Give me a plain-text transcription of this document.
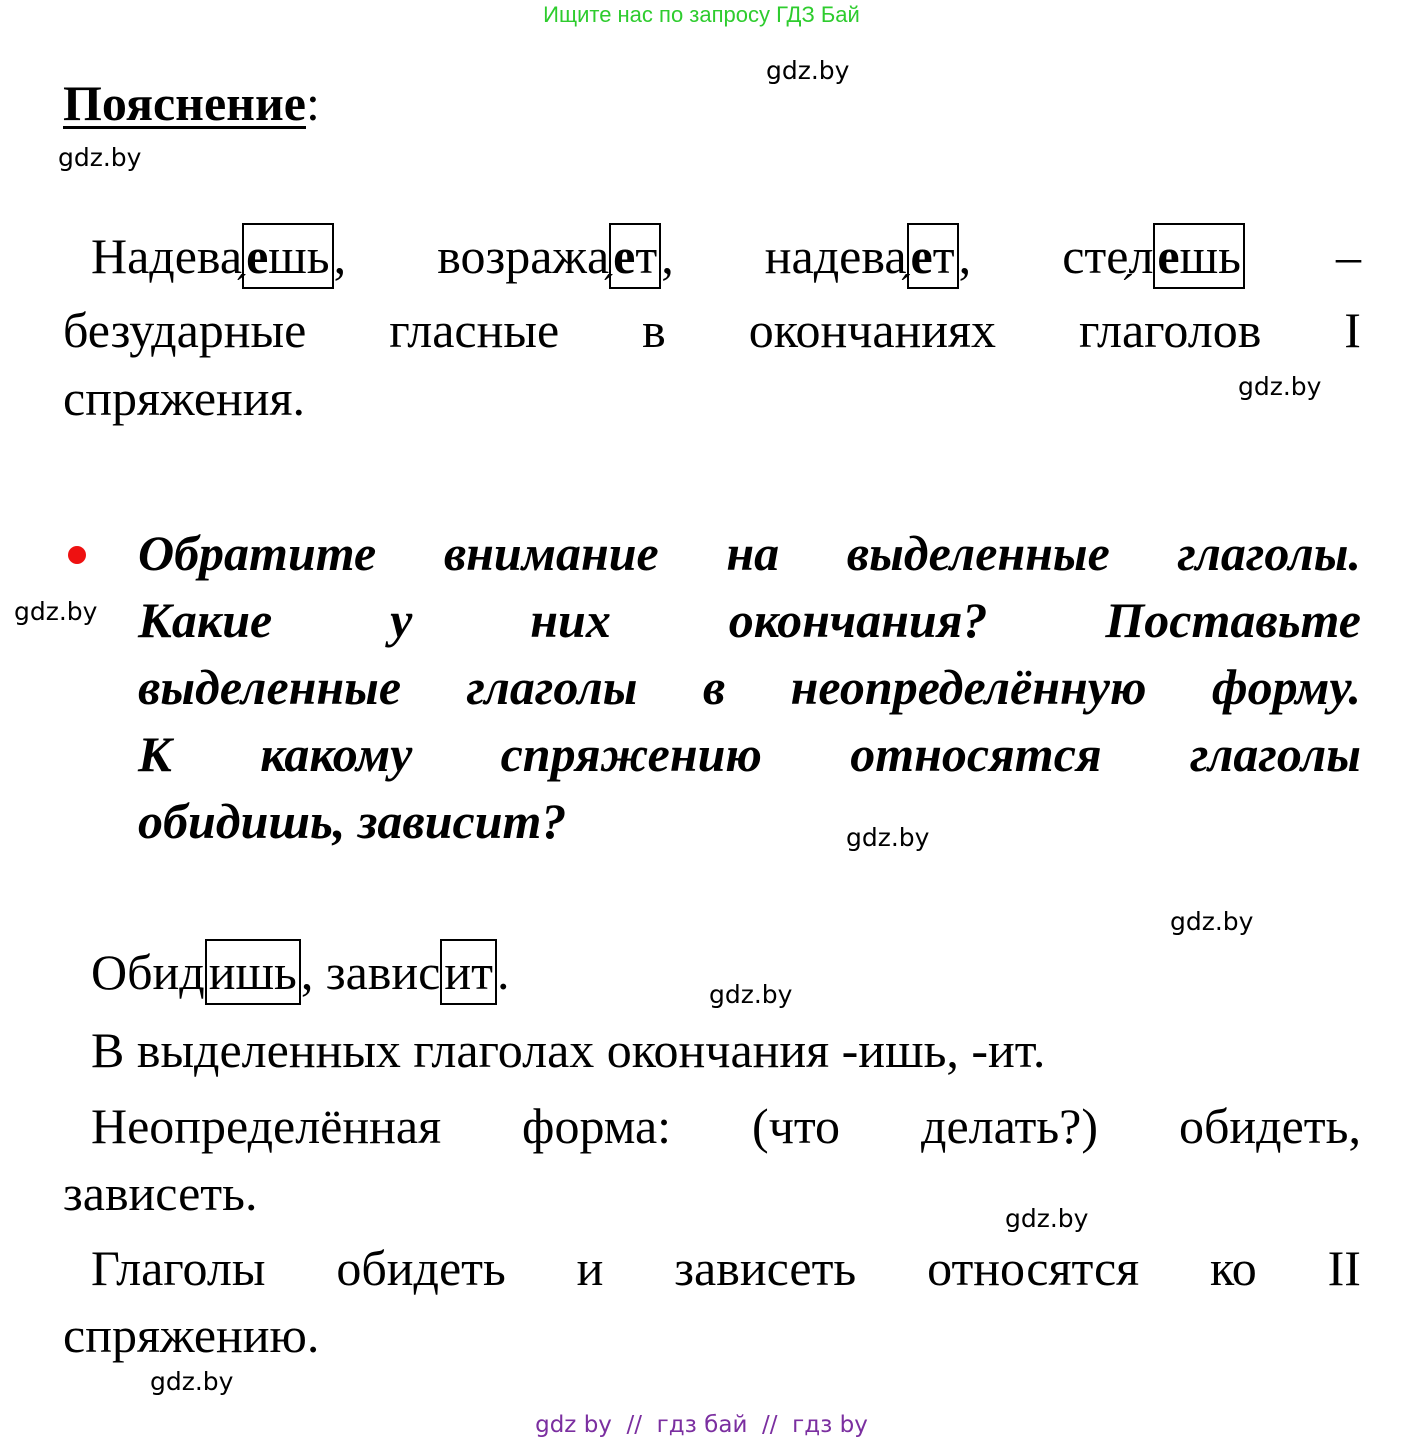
Ищите нас по запросу ГДЗ Бай
gdz.by
gdz.by
gdz.by
gdz.by
gdz.by
gdz.by
gdz.by
gdz.by
gdz.by
Пояснение:
Надева
ешь, возража
ет, надева
ет, сте
лешь –
безударные гласные в окончаниях глаголов I
спряжения.
Обратите внимание на выделенные глаголы.
Какие у них окончания? Поставьте
выделенные глаголы в неопределённую форму.
К какому спряжению относятся глаголы
обидишь, зависит?
Обидишь, зависит.
В выделенных глаголах окончания -ишь, -ит.
Неопределённая форма: (что делать?) обидеть,
зависеть.
Глаголы обидеть и зависеть относятся ко II
спряжению.
gdz by  //  гдз бай  //  гдз by
